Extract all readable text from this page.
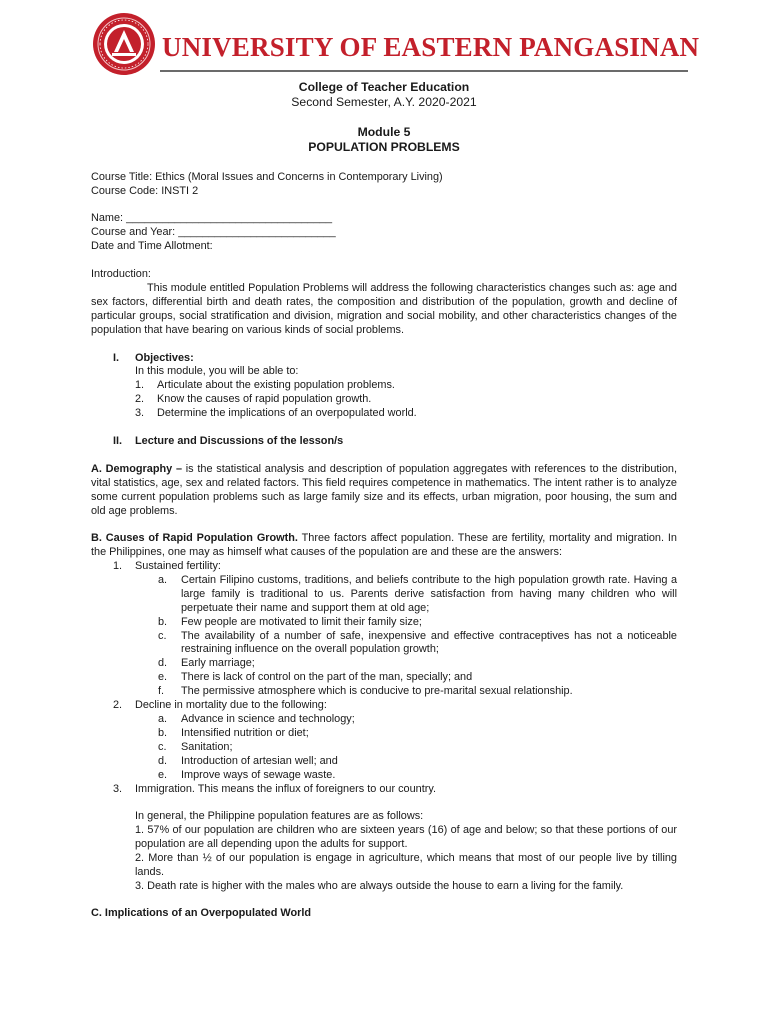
UNIVERSITY OF EASTERN PANGASINAN
College of Teacher Education
Second Semester, A.Y. 2020-2021
Module 5
POPULATION PROBLEMS
Course Title: Ethics (Moral Issues and Concerns in Contemporary Living)
Course Code: INSTI 2
Name: __________________________________
Course and Year: __________________________
Date and Time Allotment:
Introduction:
This module entitled Population Problems will address the following characteristics changes such as: age and sex factors, differential birth and death rates, the composition and distribution of the population, growth and decline of particular groups, social stratification and division, migration and social mobility, and other characteristics changes of the population that have bearing on various kinds of social problems.
I. Objectives:
In this module, you will be able to:
1. Articulate about the existing population problems.
2. Know the causes of rapid population growth.
3. Determine the implications of an overpopulated world.
II. Lecture and Discussions of the lesson/s
A. Demography – is the statistical analysis and description of population aggregates with references to the distribution, vital statistics, age, sex and related factors. This field requires competence in mathematics. The intent rather is to analyze some current population problems such as large family size and its effects, urban migration, poor housing, the sum and old age problems.
B. Causes of Rapid Population Growth. Three factors affect population. These are fertility, mortality and migration. In the Philippines, one may as himself what causes of the population are and these are the answers:
1. Sustained fertility:
a. Certain Filipino customs, traditions, and beliefs contribute to the high population growth rate. Having a large family is traditional to us. Parents derive satisfaction from having many children who will perpetuate their name and support them at old age;
b. Few people are motivated to limit their family size;
c. The availability of a number of safe, inexpensive and effective contraceptives has not a noticeable restraining influence on the overall population growth;
d. Early marriage;
e. There is lack of control on the part of the man, specially; and
f. The permissive atmosphere which is conducive to pre-marital sexual relationship.
2. Decline in mortality due to the following:
a. Advance in science and technology;
b. Intensified nutrition or diet;
c. Sanitation;
d. Introduction of artesian well; and
e. Improve ways of sewage waste.
3. Immigration. This means the influx of foreigners to our country.
In general, the Philippine population features are as follows:
1. 57% of our population are children who are sixteen years (16) of age and below; so that these portions of our population are all depending upon the adults for support.
2. More than ½ of our population is engage in agriculture, which means that most of our people live by tilling lands.
3. Death rate is higher with the males who are always outside the house to earn a living for the family.
C. Implications of an Overpopulated World
